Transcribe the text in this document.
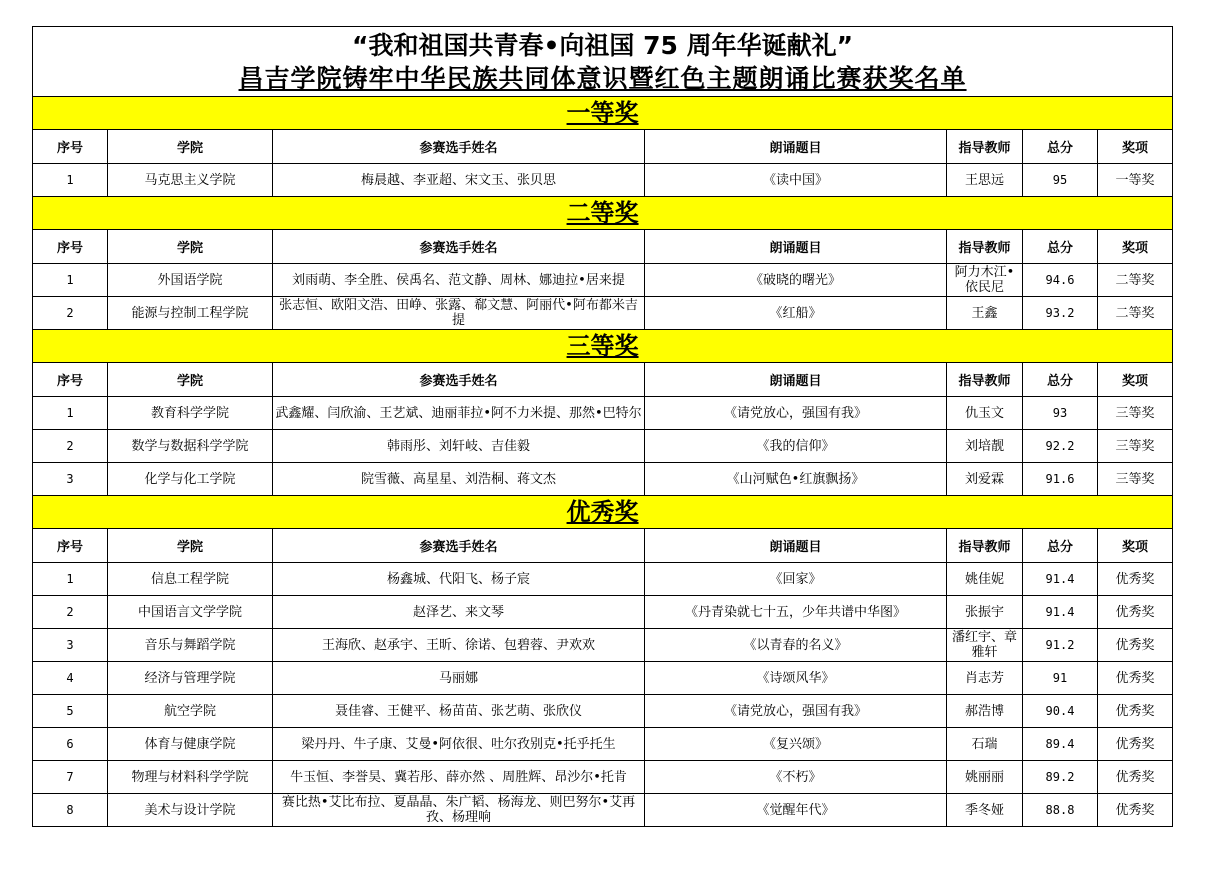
“我和祖国共青春•向祖国 75 周年华诞献礼”
昌吉学院铸牢中华民族共同体意识暨红色主题朗诵比赛获奖名单						

一等奖						
序号	学院	参赛选手姓名	朗诵题目	指导教师	总分	奖项
1	马克思主义学院	梅晨越、李亚超、宋文玉、张贝思	《读中国》	王思远	95	一等奖
二等奖						
序号	学院	参赛选手姓名	朗诵题目	指导教师	总分	奖项
1	外国语学院	刘雨萌、李全胜、侯禹名、范文静、周林、娜迪拉•居来提	《破晓的曙光》	阿力木江•依民尼	94.6	二等奖
2	能源与控制工程学院	张志恒、欧阳文浩、田峥、张露、郗文慧、阿丽代•阿布都米吉提	《红船》	王鑫	93.2	二等奖
三等奖						
序号	学院	参赛选手姓名	朗诵题目	指导教师	总分	奖项
1	教育科学学院	武鑫耀、闫欣渝、王艺斌、迪丽菲拉•阿不力米提、那然•巴特尔	《请党放心，强国有我》	仇玉文	93	三等奖
2	数学与数据科学学院	韩雨彤、刘轩岐、吉佳毅	《我的信仰》	刘培靓	92.2	三等奖
3	化学与化工学院	院雪薇、高星星、刘浩桐、蒋文杰	《山河赋色•红旗飘扬》	刘爱霖	91.6	三等奖
优秀奖						
序号	学院	参赛选手姓名	朗诵题目	指导教师	总分	奖项
1	信息工程学院	杨鑫城、代阳飞、杨子宸	《回家》	姚佳妮	91.4	优秀奖
2	中国语言文学学院	赵泽艺、来文琴	《丹青染就七十五，少年共谱中华图》	张振宇	91.4	优秀奖
3	音乐与舞蹈学院	王海欣、赵承宇、王昕、徐诺、包碧蓉、尹欢欢	《以青春的名义》	潘红宇、章雅轩	91.2	优秀奖
4	经济与管理学院	马丽娜	《诗颂风华》	肖志芳	91	优秀奖
5	航空学院	聂佳睿、王健平、杨苗苗、张艺萌、张欣仪	《请党放心，强国有我》	郝浩博	90.4	优秀奖
6	体育与健康学院	梁丹丹、牛子康、艾曼•阿依很、吐尔孜别克•托乎托生	《复兴颂》	石瑞	89.4	优秀奖
7	物理与材料科学学院	牛玉恒、李誉昊、冀若彤、薛亦然 、周胜辉、昂沙尔•托肯	《不朽》	姚丽丽	89.2	优秀奖
8	美术与设计学院	赛比热•艾比布拉、夏晶晶、朱广韬、杨海龙、则巴努尔•艾再孜、杨理响	《觉醒年代》	季冬娅	88.8	优秀奖
